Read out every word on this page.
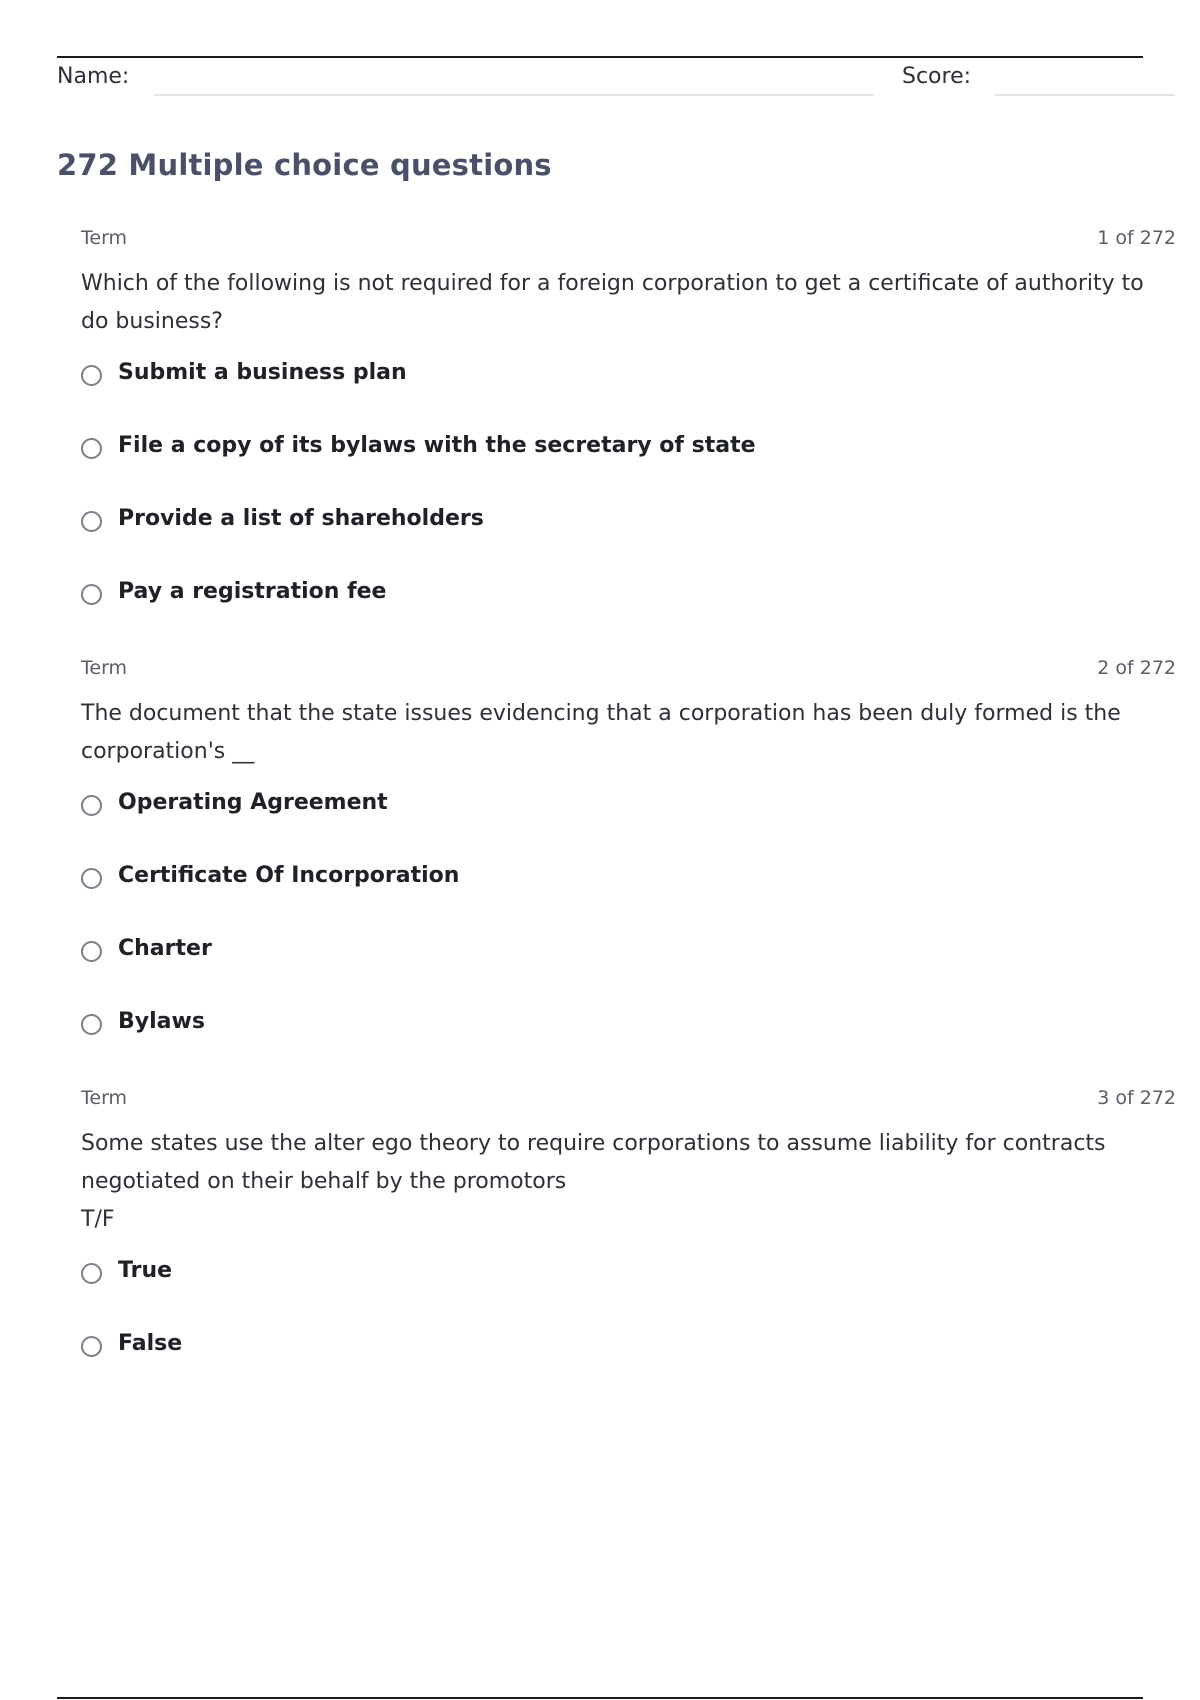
Name:	Score:
272 Multiple choice questions
Term	1 of 272
Which of the following is not required for a foreign corporation to get a certificate of authority to do business?
Submit a business plan
File a copy of its bylaws with the secretary of state
Provide a list of shareholders
Pay a registration fee
Term	2 of 272
The document that the state issues evidencing that a corporation has been duly formed is the corporation's __
Operating Agreement
Certificate Of Incorporation
Charter
Bylaws
Term	3 of 272
Some states use the alter ego theory to require corporations to assume liability for contracts negotiated on their behalf by the promotors
T/F
True
False
